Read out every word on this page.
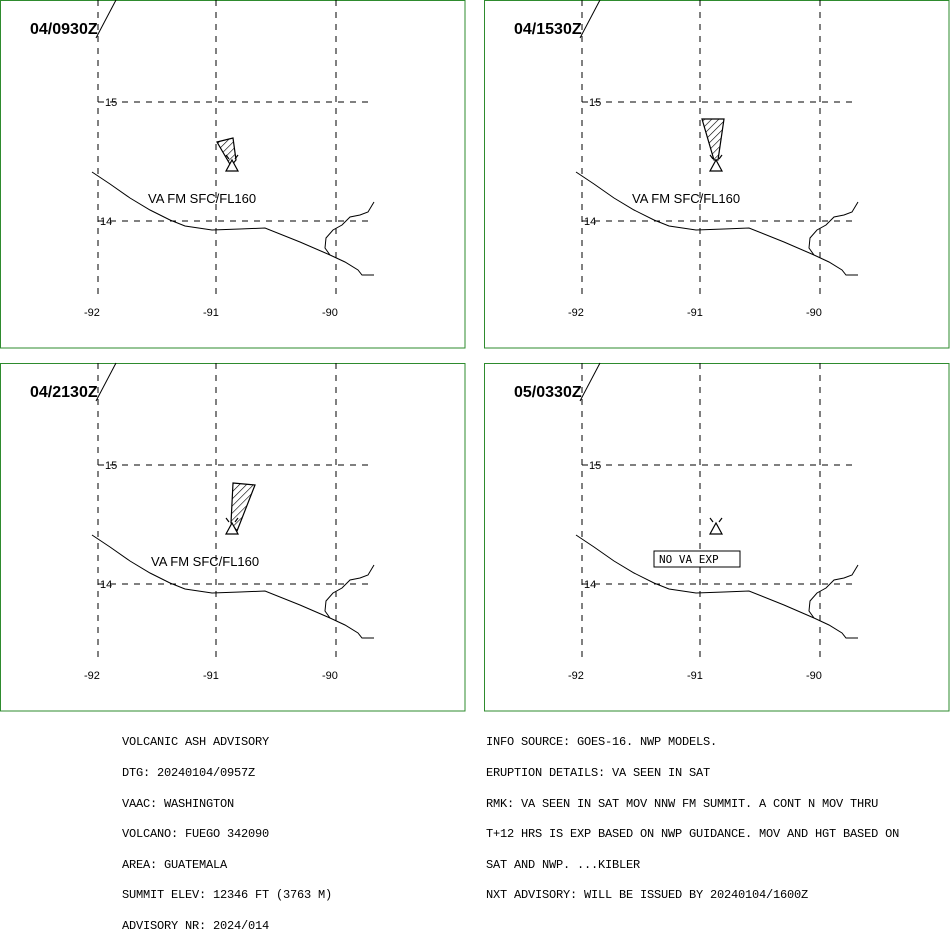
04/0930Z
15
14
-92	-91	-90
VA FM SFC/FL160
04/1530Z
15
14
-92	-91	-90
VA FM SFC/FL160
04/2130Z
15
14
-92	-91	-90
VA FM SFC/FL160
05/0330Z
15
14
-92	-91	-90
NO VA EXP

VOLCANIC ASH ADVISORY

DTG: 20240104/0957Z

VAAC: WASHINGTON

VOLCANO: FUEGO 342090

AREA: GUATEMALA

SUMMIT ELEV: 12346 FT (3763 M)

ADVISORY NR: 2024/014

INFO SOURCE: GOES-16. NWP MODELS.

ERUPTION DETAILS: VA SEEN IN SAT

RMK: VA SEEN IN SAT MOV NNW FM SUMMIT. A CONT N MOV THRU

T+12 HRS IS EXP BASED ON NWP GUIDANCE. MOV AND HGT BASED ON

SAT AND NWP. ...KIBLER

NXT ADVISORY: WILL BE ISSUED BY 20240104/1600Z
